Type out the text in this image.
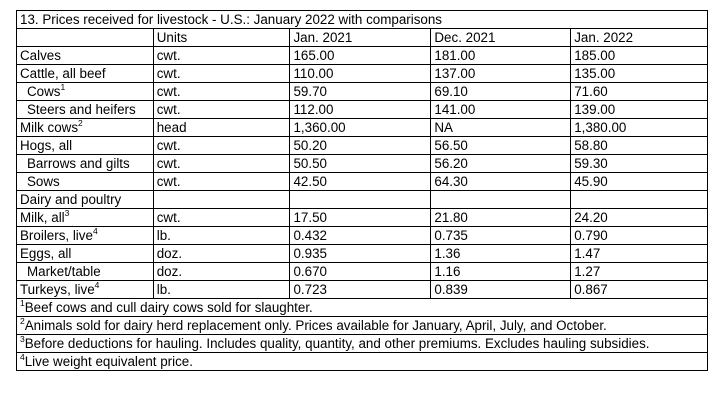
13. Prices received for livestock - U.S.: January 2022 with comparisons				
	Units	Jan. 2021	Dec. 2021	Jan. 2022
Calves	cwt.	165.00	181.00	185.00
Cattle, all beef	cwt.	110.00	137.00	135.00
Cows$^1$	cwt.	59.70	69.10	71.60
Steers and heifers	cwt.	112.00	141.00	139.00
Milk cows$^2$	head	1,360.00	NA	1,380.00
Hogs, all	cwt.	50.20	56.50	58.80
Barrows and gilts	cwt.	50.50	56.20	59.30
Sows	cwt.	42.50	64.30	45.90
Dairy and poultry				
Milk, all$^3$	cwt.	17.50	21.80	24.20
Broilers, live$^4$	lb.	0.432	0.735	0.790
Eggs, all	doz.	0.935	1.36	1.47
Market/table	doz.	0.670	1.16	1.27
Turkeys, live$^4$	lb.	0.723	0.839	0.867
$^1$Beef cows and cull dairy cows sold for slaughter.				
$^2$Animals sold for dairy herd replacement only. Prices available for January, April, July, and October.				
$^3$Before deductions for hauling. Includes quality, quantity, and other premiums. Excludes hauling subsidies.				
$^4$Live weight equivalent price.				
